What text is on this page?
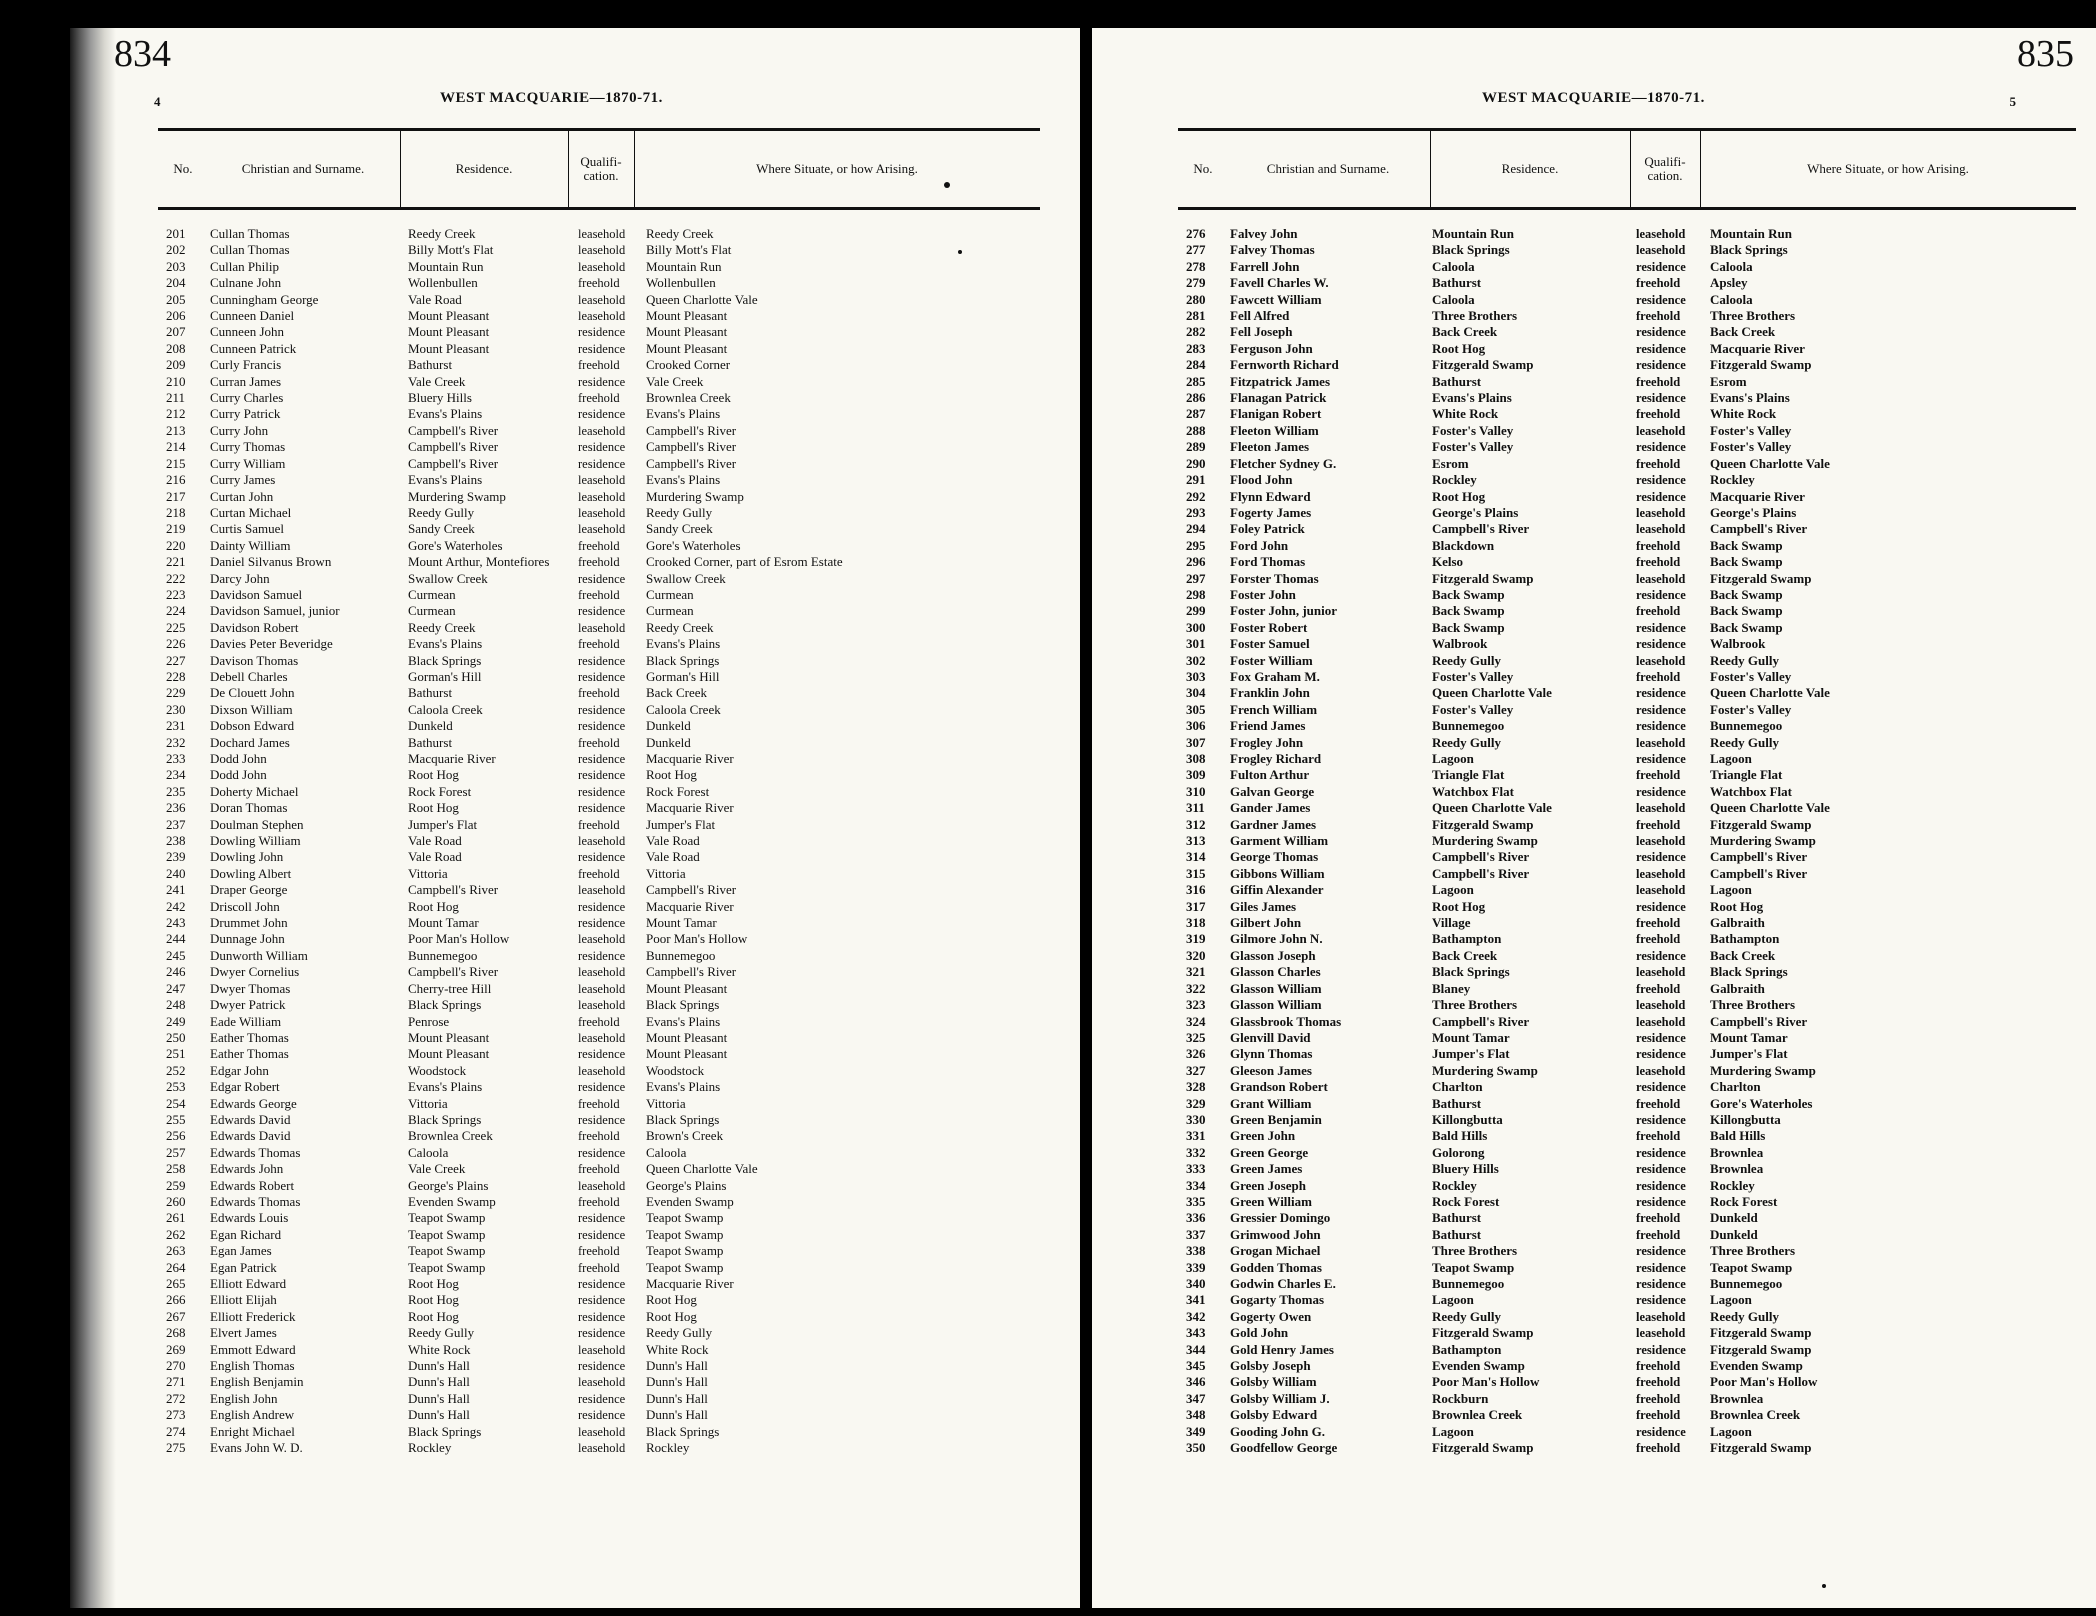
834
4	WEST MACQUARIE—1870-71.
No.	Christian and Surname.	Residence.	Qualifi-cation.	Where Situate, or how Arising.
201	Cullan Thomas	Reedy Creek	leasehold Reedy Creek
202	Cullan Thomas	Billy Mott's Flat	leasehold Billy Mott's Flat
203	Cullan Philip	Mountain Run	leasehold Mountain Run
204	Culnane John	Wollenbullen	freehold Wollenbullen
205	Cunningham George	Vale Road	leasehold Queen Charlotte Vale
206	Cunneen Daniel	Mount Pleasant	leasehold Mount Pleasant
207	Cunneen John	Mount Pleasant	residence Mount Pleasant
208	Cunneen Patrick	Mount Pleasant	residence Mount Pleasant
209	Curly Francis	Bathurst	freehold Crooked Corner
210	Curran James	Vale Creek	residence Vale Creek
211	Curry Charles	Bluery Hills	freehold Brownlea Creek
212	Curry Patrick	Evans's Plains	residence Evans's Plains
213	Curry John	Campbell's River	leasehold Campbell's River
214	Curry Thomas	Campbell's River	residence Campbell's River
215	Curry William	Campbell's River	residence Campbell's River
216	Curry James	Evans's Plains	leasehold Evans's Plains
217	Curtan John	Murdering Swamp	leasehold Murdering Swamp
218	Curtan Michael	Reedy Gully	leasehold Reedy Gully
219	Curtis Samuel	Sandy Creek	leasehold Sandy Creek
220	Dainty William	Gore's Waterholes	freehold Gore's Waterholes
221	Daniel Silvanus Brown	Mount Arthur, Montefiores freehold Crooked Corner, part of Esrom Estate
222	Darcy John	Swallow Creek	residence Swallow Creek
223	Davidson Samuel	Curmean	freehold Curmean
224	Davidson Samuel, junior	Curmean	residence Curmean
225	Davidson Robert	Reedy Creek	leasehold Reedy Creek
226	Davies Peter Beveridge	Evans's Plains	freehold Evans's Plains
227	Davison Thomas	Black Springs	residence Black Springs
228	Debell Charles	Gorman's Hill	residence Gorman's Hill
229	De Clouett John	Bathurst	freehold Back Creek
230	Dixson William	Caloola Creek	residence Caloola Creek
231	Dobson Edward	Dunkeld	residence Dunkeld
232	Dochard James	Bathurst	freehold Dunkeld
233	Dodd John	Macquarie River	residence Macquarie River
234	Dodd John	Root Hog	residence Root Hog
235	Doherty Michael	Rock Forest	residence Rock Forest
236	Doran Thomas	Root Hog	residence Macquarie River
237	Doulman Stephen	Jumper's Flat	freehold Jumper's Flat
238	Dowling William	Vale Road	leasehold Vale Road
239	Dowling John	Vale Road	residence Vale Road
240	Dowling Albert	Vittoria	freehold Vittoria
241	Draper George	Campbell's River	leasehold Campbell's River
242	Driscoll John	Root Hog	residence Macquarie River
243	Drummet John	Mount Tamar	residence Mount Tamar
244	Dunnage John	Poor Man's Hollow	leasehold Poor Man's Hollow
245	Dunworth William	Bunnemegoo	residence Bunnemegoo
246	Dwyer Cornelius	Campbell's River	leasehold Campbell's River
247	Dwyer Thomas	Cherry-tree Hill	leasehold Mount Pleasant
248	Dwyer Patrick	Black Springs	leasehold Black Springs
249	Eade William	Penrose	freehold Evans's Plains
250	Eather Thomas	Mount Pleasant	leasehold Mount Pleasant
251	Eather Thomas	Mount Pleasant	residence Mount Pleasant
252	Edgar John	Woodstock	leasehold Woodstock
253	Edgar Robert	Evans's Plains	residence Evans's Plains
254	Edwards George	Vittoria	freehold Vittoria
255	Edwards David	Black Springs	residence Black Springs
256	Edwards David	Brownlea Creek	freehold Brown's Creek
257	Edwards Thomas	Caloola	residence Caloola
258	Edwards John	Vale Creek	freehold Queen Charlotte Vale
259	Edwards Robert	George's Plains	leasehold George's Plains
260	Edwards Thomas	Evenden Swamp	freehold Evenden Swamp
261	Edwards Louis	Teapot Swamp	residence Teapot Swamp
262	Egan Richard	Teapot Swamp	residence Teapot Swamp
263	Egan James	Teapot Swamp	freehold Teapot Swamp
264	Egan Patrick	Teapot Swamp	freehold Teapot Swamp
265	Elliott Edward	Root Hog	residence Macquarie River
266	Elliott Elijah	Root Hog	residence Root Hog
267	Elliott Frederick	Root Hog	residence Root Hog
268	Elvert James	Reedy Gully	residence Reedy Gully
269	Emmott Edward	White Rock	leasehold White Rock
270	English Thomas	Dunn's Hall	residence Dunn's Hall
271	English Benjamin	Dunn's Hall	leasehold Dunn's Hall
272	English John	Dunn's Hall	residence Dunn's Hall
273	English Andrew	Dunn's Hall	residence Dunn's Hall
274	Enright Michael	Black Springs	leasehold Black Springs
275	Evans John W. D.	Rockley	leasehold Rockley
835
5
WEST MACQUARIE—1870-71.
No.	Christian and Surname.	Residence.	Qualifi-cation.	Where Situate, or how Arising.
276	Falvey John	Mountain Run	leasehold Mountain Run
277	Falvey Thomas	Black Springs	leasehold Black Springs
278	Farrell John	Caloola	residence Caloola
279	Favell Charles W.	Bathurst	freehold Apsley
280	Fawcett William	Caloola	residence Caloola
281	Fell Alfred	Three Brothers	freehold Three Brothers
282	Fell Joseph	Back Creek	residence Back Creek
283	Ferguson John	Root Hog	residence Macquarie River
284	Fernworth Richard	Fitzgerald Swamp	residence Fitzgerald Swamp
285	Fitzpatrick James	Bathurst	freehold Esrom
286	Flanagan Patrick	Evans's Plains	residence Evans's Plains
287	Flanigan Robert	White Rock	freehold White Rock
288	Fleeton William	Foster's Valley	leasehold Foster's Valley
289	Fleeton James	Foster's Valley	residence Foster's Valley
290	Fletcher Sydney G.	Esrom	freehold Queen Charlotte Vale
291	Flood John	Rockley	residence Rockley
292	Flynn Edward	Root Hog	residence Macquarie River
293	Fogerty James	George's Plains	leasehold George's Plains
294	Foley Patrick	Campbell's River	leasehold Campbell's River
295	Ford John	Blackdown	freehold Back Swamp
296	Ford Thomas	Kelso	freehold Back Swamp
297	Forster Thomas	Fitzgerald Swamp	leasehold Fitzgerald Swamp
298	Foster John	Back Swamp	residence Back Swamp
299	Foster John, junior	Back Swamp	freehold Back Swamp
300	Foster Robert	Back Swamp	residence Back Swamp
301	Foster Samuel	Walbrook	residence Walbrook
302	Foster William	Reedy Gully	leasehold Reedy Gully
303	Fox Graham M.	Foster's Valley	freehold Foster's Valley
304	Franklin John	Queen Charlotte Vale	residence Queen Charlotte Vale
305	French William	Foster's Valley	residence Foster's Valley
306	Friend James	Bunnemegoo	residence Bunnemegoo
307	Frogley John	Reedy Gully	leasehold Reedy Gully
308	Frogley Richard	Lagoon	residence Lagoon
309	Fulton Arthur	Triangle Flat	freehold Triangle Flat
310	Galvan George	Watchbox Flat	residence Watchbox Flat
311	Gander James	Queen Charlotte Vale	leasehold Queen Charlotte Vale
312	Gardner James	Fitzgerald Swamp	freehold Fitzgerald Swamp
313	Garment William	Murdering Swamp	leasehold Murdering Swamp
314	George Thomas	Campbell's River	residence Campbell's River
315	Gibbons William	Campbell's River	leasehold Campbell's River
316	Giffin Alexander	Lagoon	leasehold Lagoon
317	Giles James	Root Hog	residence Root Hog
318	Gilbert John	Village	freehold Galbraith
319	Gilmore John N.	Bathampton	freehold Bathampton
320	Glasson Joseph	Back Creek	residence Back Creek
321	Glasson Charles	Black Springs	leasehold Black Springs
322	Glasson William	Blaney	freehold Galbraith
323	Glasson William	Three Brothers	leasehold Three Brothers
324	Glassbrook Thomas	Campbell's River	leasehold Campbell's River
325	Glenvill David	Mount Tamar	residence Mount Tamar
326	Glynn Thomas	Jumper's Flat	residence Jumper's Flat
327	Gleeson James	Murdering Swamp	leasehold Murdering Swamp
328	Grandson Robert	Charlton	residence Charlton
329	Grant William	Bathurst	freehold Gore's Waterholes
330	Green Benjamin	Killongbutta	residence Killongbutta
331	Green John	Bald Hills	freehold Bald Hills
332	Green George	Golorong	residence Brownlea
333	Green James	Bluery Hills	residence Brownlea
334	Green Joseph	Rockley	residence Rockley
335	Green William	Rock Forest	residence Rock Forest
336	Gressier Domingo	Bathurst	freehold Dunkeld
337	Grimwood John	Bathurst	freehold Dunkeld
338	Grogan Michael	Three Brothers	residence Three Brothers
339	Godden Thomas	Teapot Swamp	residence Teapot Swamp
340	Godwin Charles E.	Bunnemegoo	residence Bunnemegoo
341	Gogarty Thomas	Lagoon	residence Lagoon
342	Gogerty Owen	Reedy Gully	leasehold Reedy Gully
343	Gold John	Fitzgerald Swamp	leasehold Fitzgerald Swamp
344	Gold Henry James	Bathampton	residence Fitzgerald Swamp
345	Golsby Joseph	Evenden Swamp	freehold Evenden Swamp
346	Golsby William	Poor Man's Hollow	freehold Poor Man's Hollow
347	Golsby William J.	Rockburn	freehold Brownlea
348	Golsby Edward	Brownlea Creek	freehold Brownlea Creek
349	Gooding John G.	Lagoon	residence Lagoon
350	Goodfellow George	Fitzgerald Swamp	freehold Fitzgerald Swamp
